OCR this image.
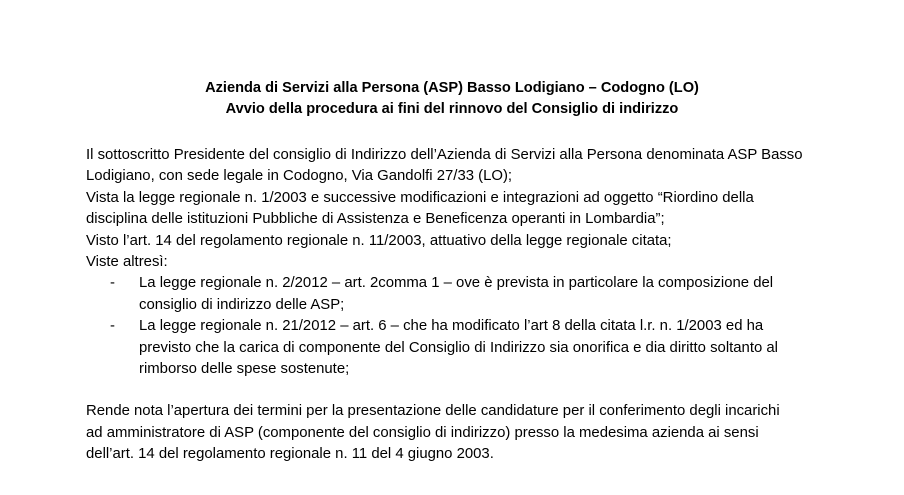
Azienda di Servizi alla Persona (ASP) Basso Lodigiano – Codogno (LO)
Avvio della procedura ai fini del rinnovo del Consiglio di indirizzo
Il sottoscritto Presidente del consiglio di Indirizzo dell’Azienda di Servizi alla Persona denominata ASP Basso
Lodigiano, con sede legale in Codogno, Via Gandolfi 27/33 (LO);
Vista la legge regionale n. 1/2003 e successive modificazioni e integrazioni ad oggetto “Riordino della
disciplina delle istituzioni Pubbliche di Assistenza e Beneficenza operanti in Lombardia”;
Visto l’art. 14 del regolamento regionale n. 11/2003, attuativo della legge regionale citata;
Viste altresì:
- La legge regionale n. 2/2012 – art. 2comma 1 – ove è prevista in particolare la composizione del
consiglio di indirizzo delle ASP;
- La legge regionale n. 21/2012 – art. 6 – che ha modificato l’art 8 della citata l.r. n. 1/2003 ed ha
previsto che la carica di componente del Consiglio di Indirizzo sia onorifica e dia diritto soltanto al
rimborso delle spese sostenute;
Rende nota l’apertura dei termini per la presentazione delle candidature per il conferimento degli incarichi
ad amministratore di ASP (componente del consiglio di indirizzo) presso la medesima azienda ai sensi
dell’art. 14 del regolamento regionale n. 11 del 4 giugno 2003.
